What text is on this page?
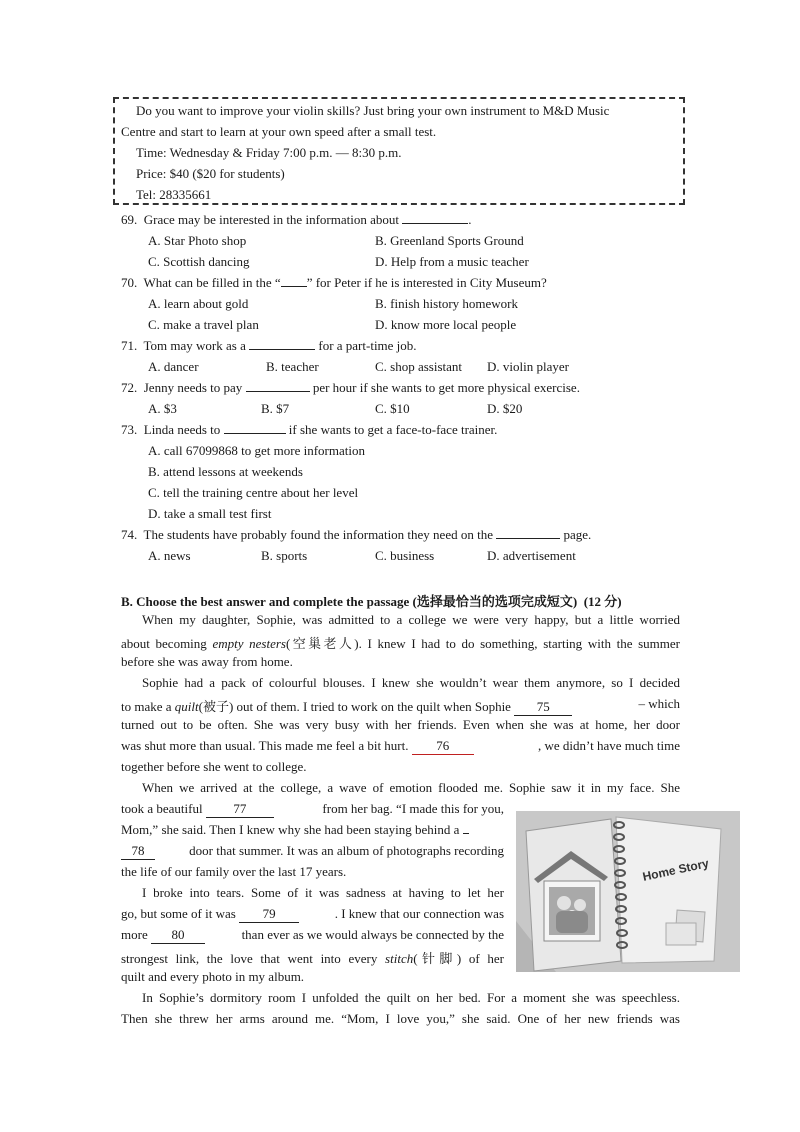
Do you want to improve your violin skills? Just bring your own instrument to M&D Music
Centre and start to learn at your own speed after a small test.
Time: Wednesday & Friday 7:00 p.m. — 8:30 p.m.
Price: $40 ($20 for students)
Tel: 28335661
69. Grace may be interested in the information about	.
A. Star Photo shop	B. Greenland Sports Ground
C. Scottish dancing	D. Help from a music teacher
70. What can be filled in the “ ” for Peter if he is interested in City Museum?
A. learn about gold	B. finish history homework
C. make a travel plan	D. know more local people
71. Tom may work as a	for a part-time job.
A. dancer	B. teacher	C. shop assistant D. violin player
72. Jenny needs to pay	per hour if she wants to get more physical exercise.
A. $3	B. $7	C. $10	D. $20
73. Linda needs to	if she wants to get a face-to-face trainer.
A. call 67099868 to get more information
B. attend lessons at weekends
C. tell the training centre about her level
D. take a small test first
74. The students have probably found the information they need on the	page.
A. news	B. sports	C. business	D. advertisement
B. Choose the best answer and complete the passage (选择最恰当的选项完成短文) (12 分)
When my daughter, Sophie, was admitted to a college we were very happy, but a little worried
about becoming empty nesters(空巢老人). I knew I had to do something, starting with the summer
before she was away from home.
Sophie had a pack of colourful blouses. I knew she wouldn’t wear them anymore, so I decided
to make a quilt(被子) out of them. I tried to work on the quilt when Sophie 75	– which
turned out to be often. She was very busy with her friends. Even when she was at home, her door
was shut more than usual. This made me feel a bit hurt. 76	, we didn’t have much time
together before she went to college.
When we arrived at the college, a wave of emotion flooded me. Sophie saw it in my face. She
took a beautiful 77	from her bag. “I made this for you,
Mom,” she said. Then I knew why she had been staying behind a
78	door that summer. It was an album of photographs recording
the life of our family over the last 17 years.
I broke into tears. Some of it was sadness at having to let her
go, but some of it was 79	. I knew that our connection was
more 80	than ever as we would always be connected by the
strongest link, the love that went into every stitch(针脚) of her
quilt and every photo in my album.
In Sophie’s dormitory room I unfolded the quilt on her bed. For a moment she was speechless.
Then she threw her arms around me. “Mom, I love you,” she said. One of her new friends was
Home Story
